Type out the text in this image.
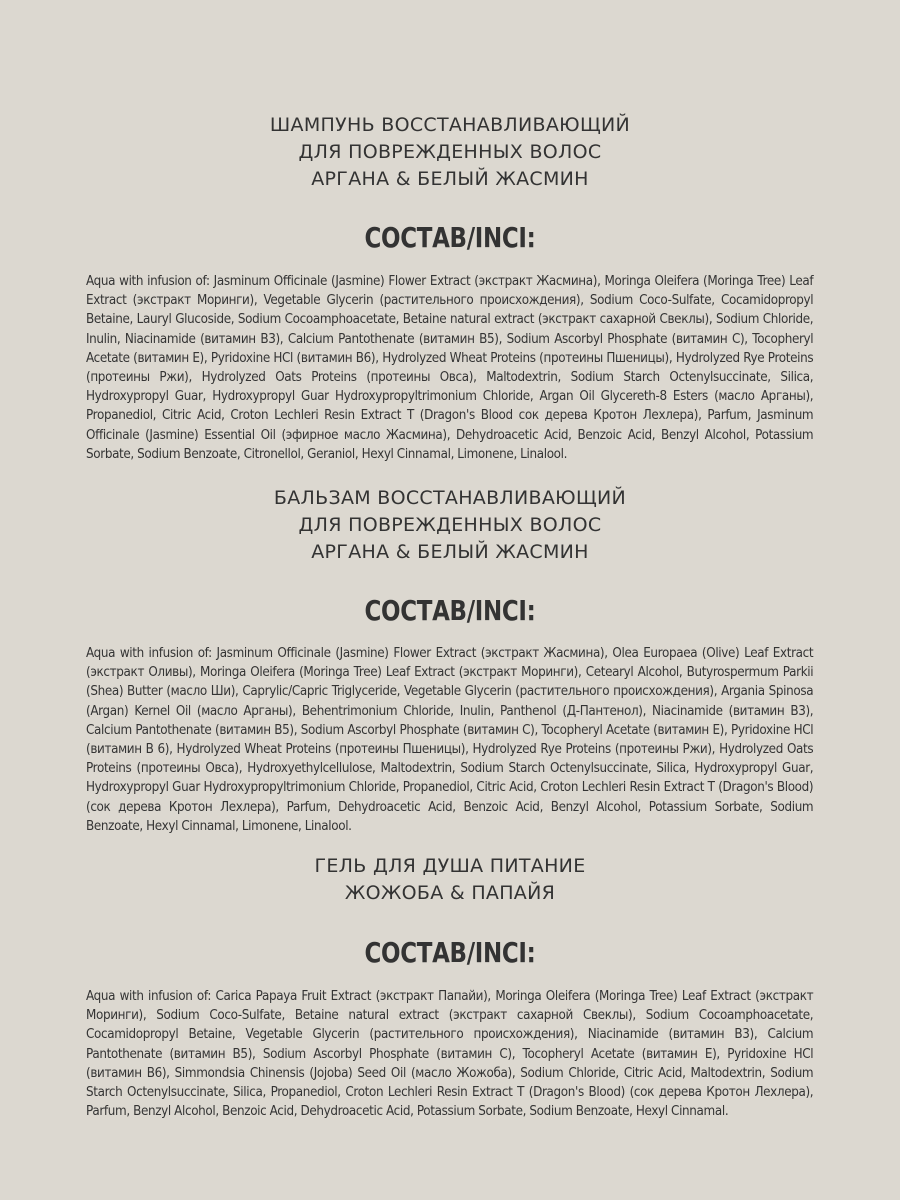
ШАМПУНЬ ВОССТАНАВЛИВАЮЩИЙ
ДЛЯ ПОВРЕЖДЕННЫХ ВОЛОС
АРГАНА & БЕЛЫЙ ЖАСМИН
СОСТАВ/INCI:

Aqua with infusion of: Jasminum Officinale (Jasmine) Flower Extract (экстракт Жасмина), Moringa Oleifera (Moringa Tree) Leaf Extract (экстракт Моринги), Vegetable Glycerin (растительного происхождения), Sodium Coco-Sulfate, Cocamidopropyl Betaine, Lauryl Glucoside, Sodium Cocoamphoacetate, Betaine natural extract (экстракт сахарной Свеклы), Sodium Chloride, Inulin, Niacinamide (витамин B3), Calcium Pantothenate (витамин B5), Sodium Ascorbyl Phosphate (витамин C), Tocopheryl Acetate (витамин E), Pyridoxine HCl (витамин B6), Hydrolyzed Wheat Proteins (протеины Пшеницы), Hydrolyzed Rye Proteins (протеины Ржи), Hydrolyzed Oats Proteins (протеины Овса), Maltodextrin, Sodium Starch Octenylsuccinate, Silica, Hydroxypropyl Guar, Hydroxypropyl Guar Hydroxypropyltrimonium Chloride, Argan Oil Glycereth-8 Esters (масло Арганы), Propanediol, Citric Acid, Croton Lechleri Resin Extract T (Dragon's Blood сок дерева Кротон Лехлера), Parfum, Jasminum Officinale (Jasmine) Essential Oil (эфирное масло Жасмина), Dehydroacetic Acid, Benzoic Acid, Benzyl Alcohol, Potassium Sorbate, Sodium Benzoate, Citronellol, Geraniol, Hexyl Cinnamal, Limonene, Linalool.

БАЛЬЗАМ ВОССТАНАВЛИВАЮЩИЙ
ДЛЯ ПОВРЕЖДЕННЫХ ВОЛОС
АРГАНА & БЕЛЫЙ ЖАСМИН
СОСТАВ/INCI:

Aqua with infusion of: Jasminum Officinale (Jasmine) Flower Extract (экстракт Жасмина), Olea Europaea (Olive) Leaf Extract (экстракт Оливы), Moringa Oleifera (Moringa Tree) Leaf Extract (экстракт Моринги), Cetearyl Alcohol, Butyrospermum Parkii (Shea) Butter (масло Ши), Caprylic/Capric Triglyceride, Vegetable Glycerin (растительного происхождения), Argania Spinosa (Argan) Kernel Oil (масло Арганы), Behentrimonium Chloride, Inulin, Panthenol (Д-Пантенол), Niacinamide (витамин B3), Calcium Pantothenate (витамин B5), Sodium Ascorbyl Phosphate (витамин C), Tocopheryl Acetate (витамин E), Pyridoxine HCl (витамин B 6), Hydrolyzed Wheat Proteins (протеины Пшеницы), Hydrolyzed Rye Proteins (протеины Ржи), Hydrolyzed Oats Proteins (протеины Овса), Hydroxyethylcellulose, Maltodextrin, Sodium Starch Octenylsuccinate, Silica, Hydroxypropyl Guar, Hydroxypropyl Guar Hydroxypropyltrimonium Chloride, Propanediol, Citric Acid, Croton Lechleri Resin Extract T (Dragon's Blood) (сок дерева Кротон Лехлера), Parfum, Dehydroacetic Acid, Benzoic Acid, Benzyl Alcohol, Potassium Sorbate, Sodium Benzoate, Hexyl Cinnamal, Limonene, Linalool.

ГЕЛЬ ДЛЯ ДУША ПИТАНИЕ
ЖОЖОБА & ПАПАЙЯ
СОСТАВ/INCI:

Aqua with infusion of: Carica Papaya Fruit Extract (экстракт Папайи), Moringa Oleifera (Moringa Tree) Leaf Extract (экстракт Моринги), Sodium Coco-Sulfate, Betaine natural extract (экстракт сахарной Свеклы), Sodium Cocoamphoacetate, Cocamidopropyl Betaine, Vegetable Glycerin (растительного происхождения), Niacinamide (витамин B3), Calcium Pantothenate (витамин B5), Sodium Ascorbyl Phosphate (витамин C), Tocopheryl Acetate (витамин E), Pyridoxine HCl (витамин B6), Simmondsia Chinensis (Jojoba) Seed Oil (масло Жожоба), Sodium Chloride, Citric Acid, Maltodextrin, Sodium Starch Octenylsuccinate, Silica, Propanediol, Croton Lechleri Resin Extract T (Dragon's Blood) (сок дерева Кротон Лехлера), Parfum, Benzyl Alcohol, Benzoic Acid, Dehydroacetic Acid, Potassium Sorbate, Sodium Benzoate, Hexyl Cinnamal.
